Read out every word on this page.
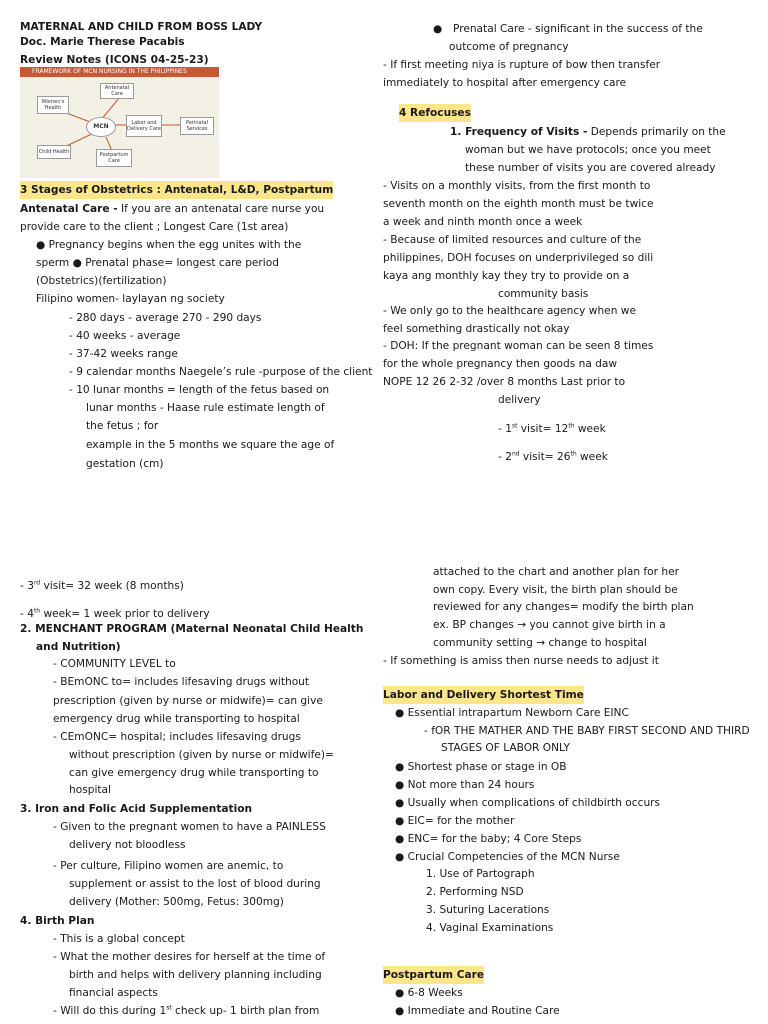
MATERNAL AND CHILD FROM BOSS LADY
Doc. Marie Therese Pacabis
Review Notes (ICONS 04-25-23)
FRAMEWORK OF MCN NURSING IN THE PHILIPPINES
Women's Health
Antenatal Care
MCN	Labor and Delivery Care
Perinatal Services
Child Health	Postpartum Care
3 Stages of Obstetrics : Antenatal, L&D, Postpartum
Antenatal Care - If you are an antenatal care nurse you
provide care to the client ; Longest Care (1st area)
● Pregnancy begins when the egg unites with the
sperm ● Prenatal phase= longest care period
(Obstetrics)(fertilization)
Filipino women- laylayan ng society
- 280 days - average 270 - 290 days
- 40 weeks - average
- 37-42 weeks range
- 9 calendar months Naegele’s rule -purpose of the client
- 10 lunar months = length of the fetus based on
lunar months - Haase rule estimate length of
the fetus ; for
example in the 5 months we square the age of
gestation (cm)
● Prenatal Care - significant in the success of the
outcome of pregnancy
- If first meeting niya is rupture of bow then transfer
immediately to hospital after emergency care
4 Refocuses
1. Frequency of Visits - Depends primarily on the
woman but we have protocols; once you meet
these number of visits you are covered already
- Visits on a monthly visits, from the first month to
seventh month on the eighth month must be twice
a week and ninth month once a week
- Because of limited resources and culture of the
philippines, DOH focuses on underprivileged so dili
kaya ang monthly kay they try to provide on a
community basis
- We only go to the healthcare agency when we
feel something drastically not okay
- DOH: If the pregnant woman can be seen 8 times
for the whole pregnancy then goods na daw
NOPE 12 26 2-32 /over 8 months Last prior to
delivery
- 1st visit= 12th week
- 2nd visit= 26th week
- 3rd visit= 32 week (8 months)
- 4th week= 1 week prior to delivery
2. MENCHANT PROGRAM (Maternal Neonatal Child Health
and Nutrition)
- COMMUNITY LEVEL to
- BEmONC to= includes lifesaving drugs without
prescription (given by nurse or midwife)= can give
emergency drug while transporting to hospital
- CEmONC= hospital; includes lifesaving drugs
without prescription (given by nurse or midwife)=
can give emergency drug while transporting to
hospital
3. Iron and Folic Acid Supplementation
- Given to the pregnant women to have a PAINLESS
delivery not bloodless
- Per culture, Filipino women are anemic, to
supplement or assist to the lost of blood during
delivery (Mother: 500mg, Fetus: 300mg)
4. Birth Plan
- This is a global concept
- What the mother desires for herself at the time of
birth and helps with delivery planning including
financial aspects
- Will do this during 1st check up- 1 birth plan from
attached to the chart and another plan for her
own copy. Every visit, the birth plan should be
reviewed for any changes= modify the birth plan
ex. BP changes → you cannot give birth in a
community setting → change to hospital
- If something is amiss then nurse needs to adjust it
Labor and Delivery Shortest Time
● Essential intrapartum Newborn Care EINC
- fOR THE MATHER AND THE BABY FIRST SECOND AND THIRD
STAGES OF LABOR ONLY
● Shortest phase or stage in OB
● Not more than 24 hours
● Usually when complications of childbirth occurs
● EIC= for the mother
● ENC= for the baby; 4 Core Steps
● Crucial Competencies of the MCN Nurse
1. Use of Partograph
2. Performing NSD
3. Suturing Lacerations
4. Vaginal Examinations
Postpartum Care
● 6-8 Weeks
● Immediate and Routine Care
